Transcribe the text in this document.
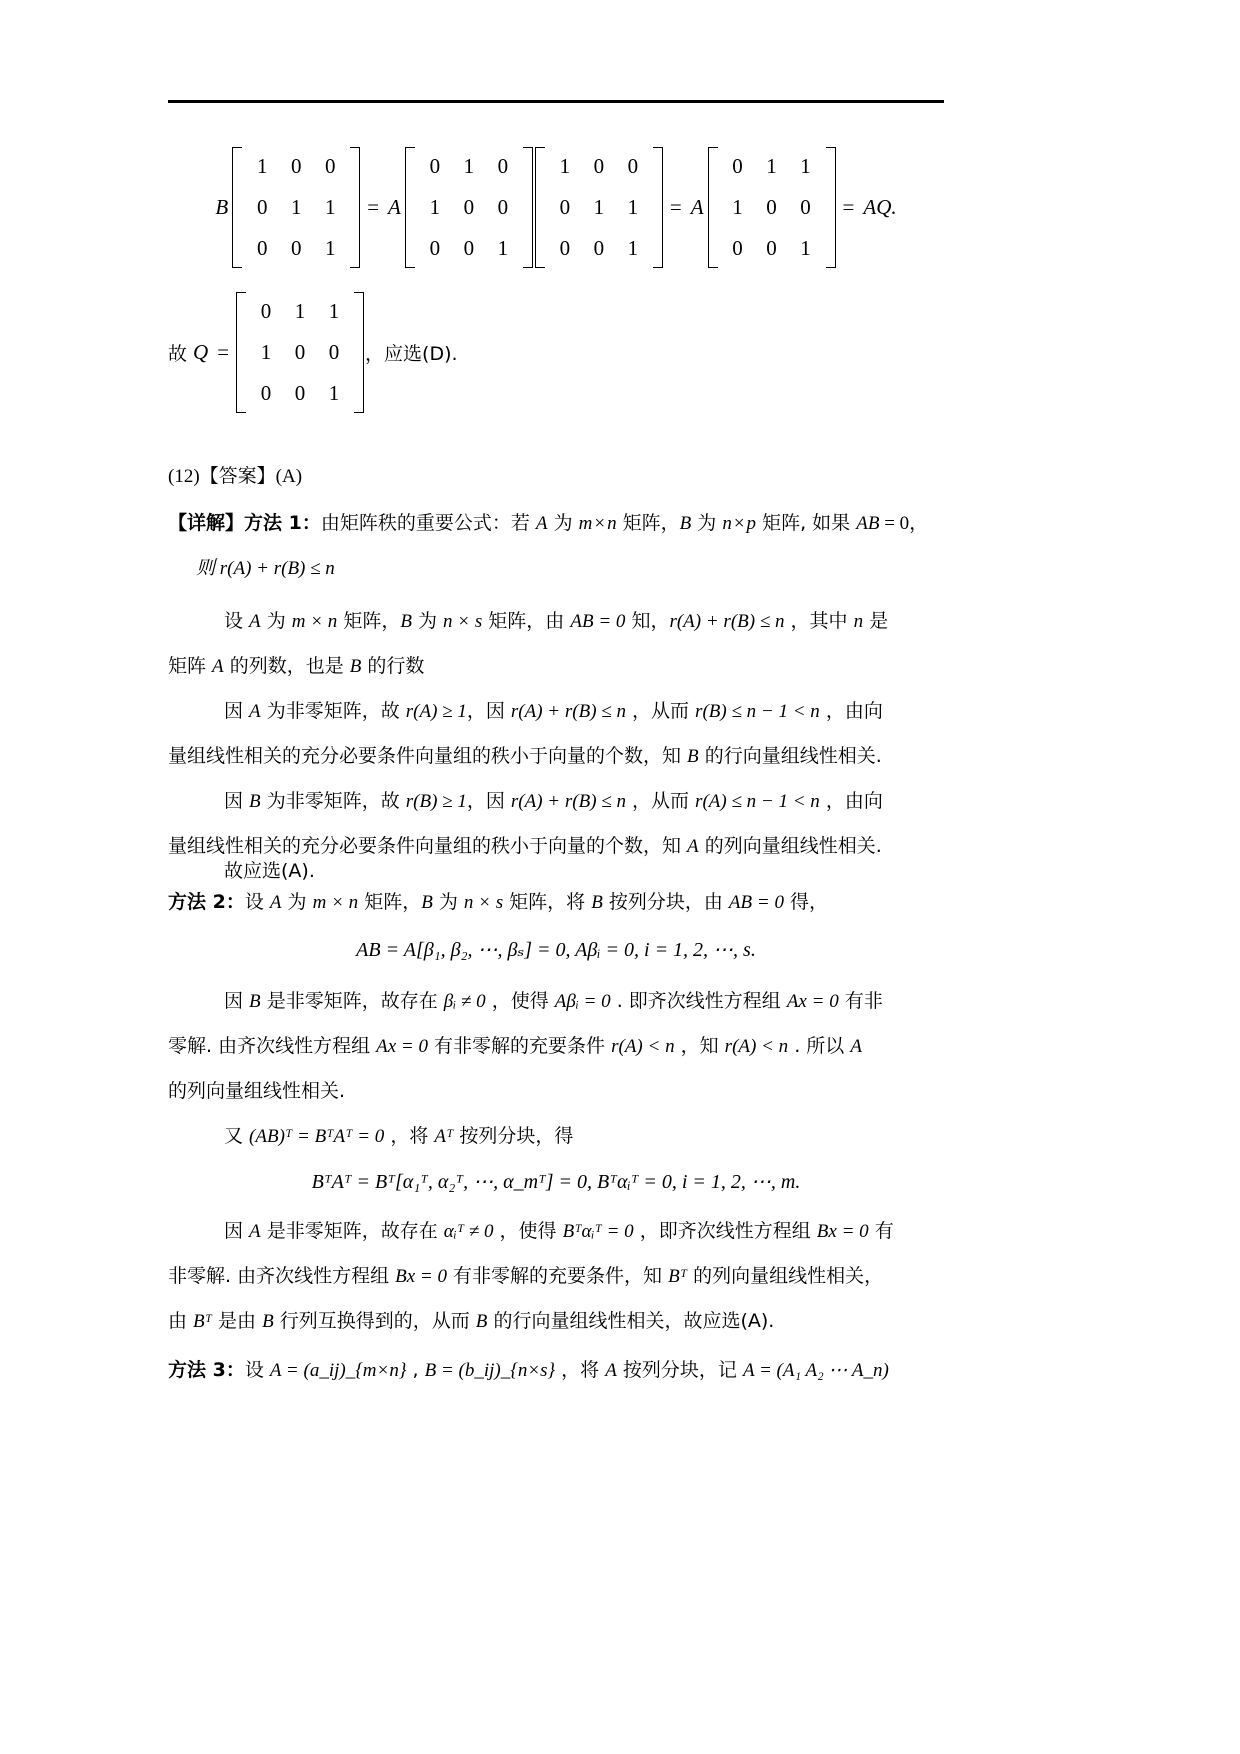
B
1	0	0
0	1	1
0	0	1
= A
0	1	0
1	0	0
0	0	1
1	0	0
0	1	1
0	0	1
= A
0	1	1
1	0	0
0	0	1
= AQ.
故 Q =
0	1	1
1	0	0
0	0	1
，应选(D).
(12)【答案】(A)
【详解】方法 1：由矩阵秩的重要公式：若 A 为 m × n 矩阵，B 为 n × p 矩阵, 如果 AB = 0，
则 r(A) + r(B) ≤ n
设 A 为 m × n 矩阵，B 为 n × s 矩阵，由 AB = 0 知，r(A) + r(B) ≤ n ，其中 n 是
矩阵 A 的列数，也是 B 的行数
因 A 为非零矩阵，故 r(A) ≥ 1，因 r(A) + r(B) ≤ n ，从而 r(B) ≤ n − 1 < n ，由向
量组线性相关的充分必要条件向量组的秩小于向量的个数，知 B 的行向量组线性相关.
因 B 为非零矩阵，故 r(B) ≥ 1，因 r(A) + r(B) ≤ n ，从而 r(A) ≤ n − 1 < n ，由向
量组线性相关的充分必要条件向量组的秩小于向量的个数，知 A 的列向量组线性相关.
故应选(A).
方法 2：设 A 为 m × n 矩阵，B 为 n × s 矩阵，将 B 按列分块，由 AB = 0 得，
AB = A[β₁, β₂, ⋯, βₛ] = 0, Aβᵢ = 0, i = 1, 2, ⋯, s.
因 B 是非零矩阵，故存在 βᵢ ≠ 0 ，使得 Aβᵢ = 0 . 即齐次线性方程组 Ax = 0 有非
零解. 由齐次线性方程组 Ax = 0 有非零解的充要条件 r(A) < n ，知 r(A) < n . 所以 A
的列向量组线性相关.
又 (AB)ᵀ = BᵀAᵀ = 0 ，将 Aᵀ 按列分块，得
BᵀAᵀ = Bᵀ[α₁ᵀ, α₂ᵀ, ⋯, α_mᵀ] = 0, Bᵀαᵢᵀ = 0, i = 1, 2, ⋯, m.
因 A 是非零矩阵，故存在 αᵢᵀ ≠ 0 ，使得 Bᵀαᵢᵀ = 0 ，即齐次线性方程组 Bx = 0 有
非零解. 由齐次线性方程组 Bx = 0 有非零解的充要条件，知 Bᵀ 的列向量组线性相关，
由 Bᵀ 是由 B 行列互换得到的，从而 B 的行向量组线性相关，故应选(A).
方法 3：设 A = (a_ij)_{m×n} , B = (b_ij)_{n×s} ，将 A 按列分块，记 A = (A₁ A₂ ⋯ A_n)
